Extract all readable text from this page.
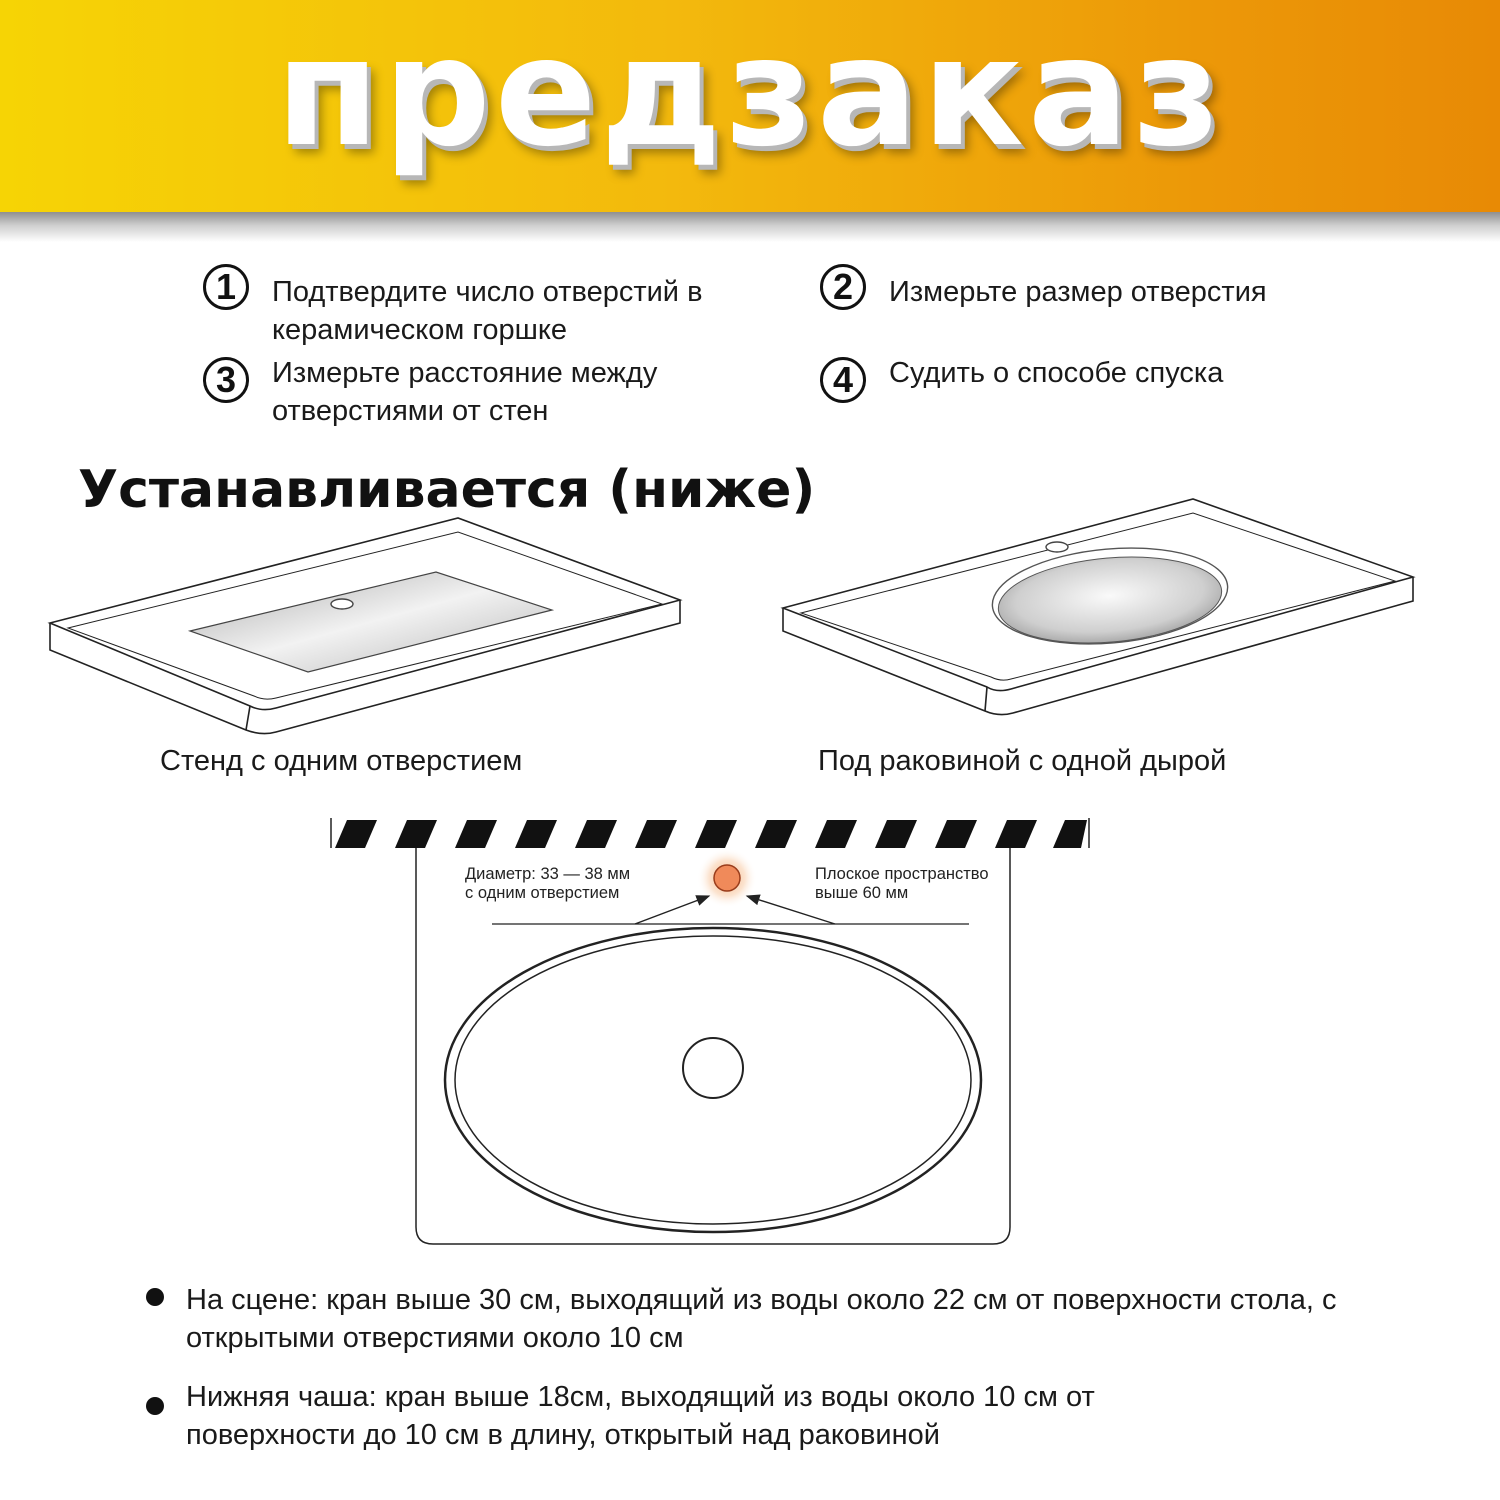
предзаказ
1	Подтвердите число отверстий в керамическом горшке
2	Измерьте размер отверстия
3	Измерьте расстояние между отверстиями от стен
4	Судить о способе спуска
Устанавливается (ниже)
Стенд с одним отверстием	Под раковиной с одной дырой
Диаметр: 33 — 38 мм
с одним отверстием
Плоское пространство
выше 60 мм
На сцене: кран выше 30 см, выходящий из воды около 22 см от поверхности стола, с открытыми отверстиями около 10 см
Нижняя чаша: кран выше 18см, выходящий из воды около 10 см от поверхности до 10 см в длину, открытый над раковиной
